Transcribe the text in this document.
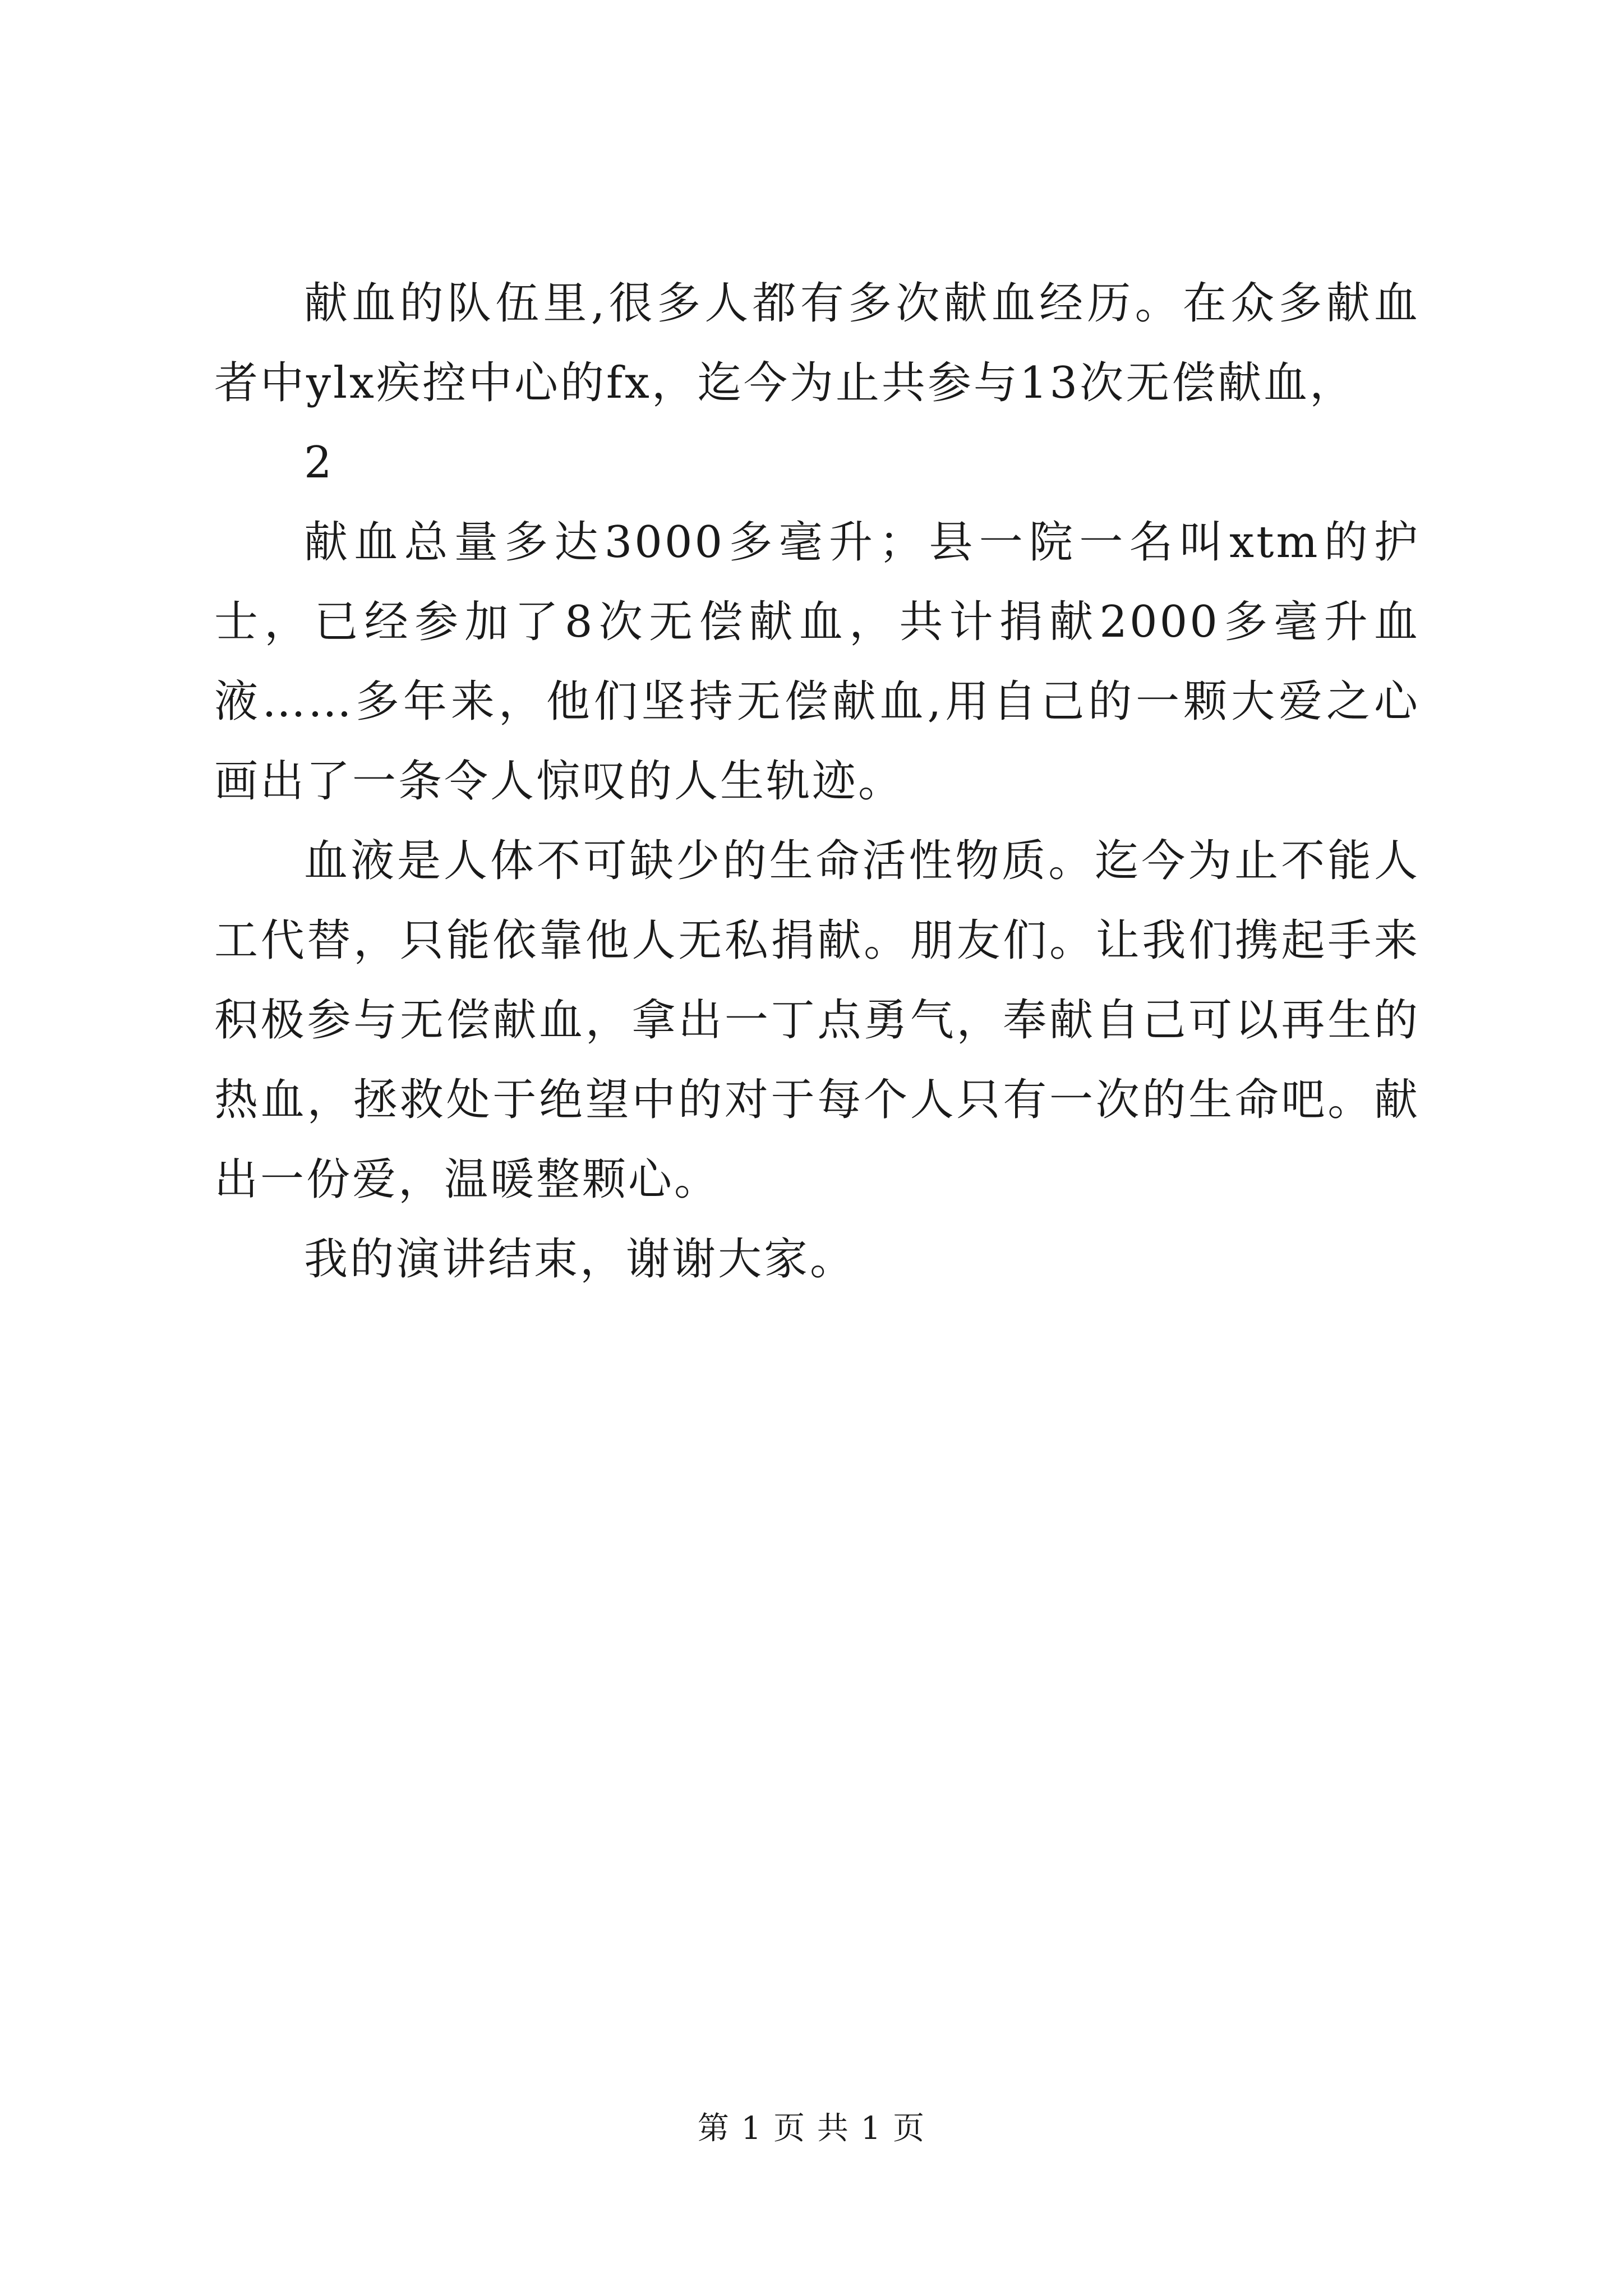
献血的队伍里,很多人都有多次献血经历。在众多献血者中ylx疾控中心的fx，迄今为止共参与13次无偿献血，

2

献血总量多达3000多毫升；县一院一名叫xtm的护士，已经参加了8次无偿献血，共计捐献2000多毫升血液……多年来，他们坚持无偿献血,用自己的一颗大爱之心画出了一条令人惊叹的人生轨迹。

血液是人体不可缺少的生命活性物质。迄今为止不能人工代替，只能依靠他人无私捐献。朋友们。让我们携起手来积极参与无偿献血，拿出一丁点勇气，奉献自己可以再生的热血，拯救处于绝望中的对于每个人只有一次的生命吧。献出一份爱，温暖整颗心。

我的演讲结束，谢谢大家。

第 1 页 共 1 页
